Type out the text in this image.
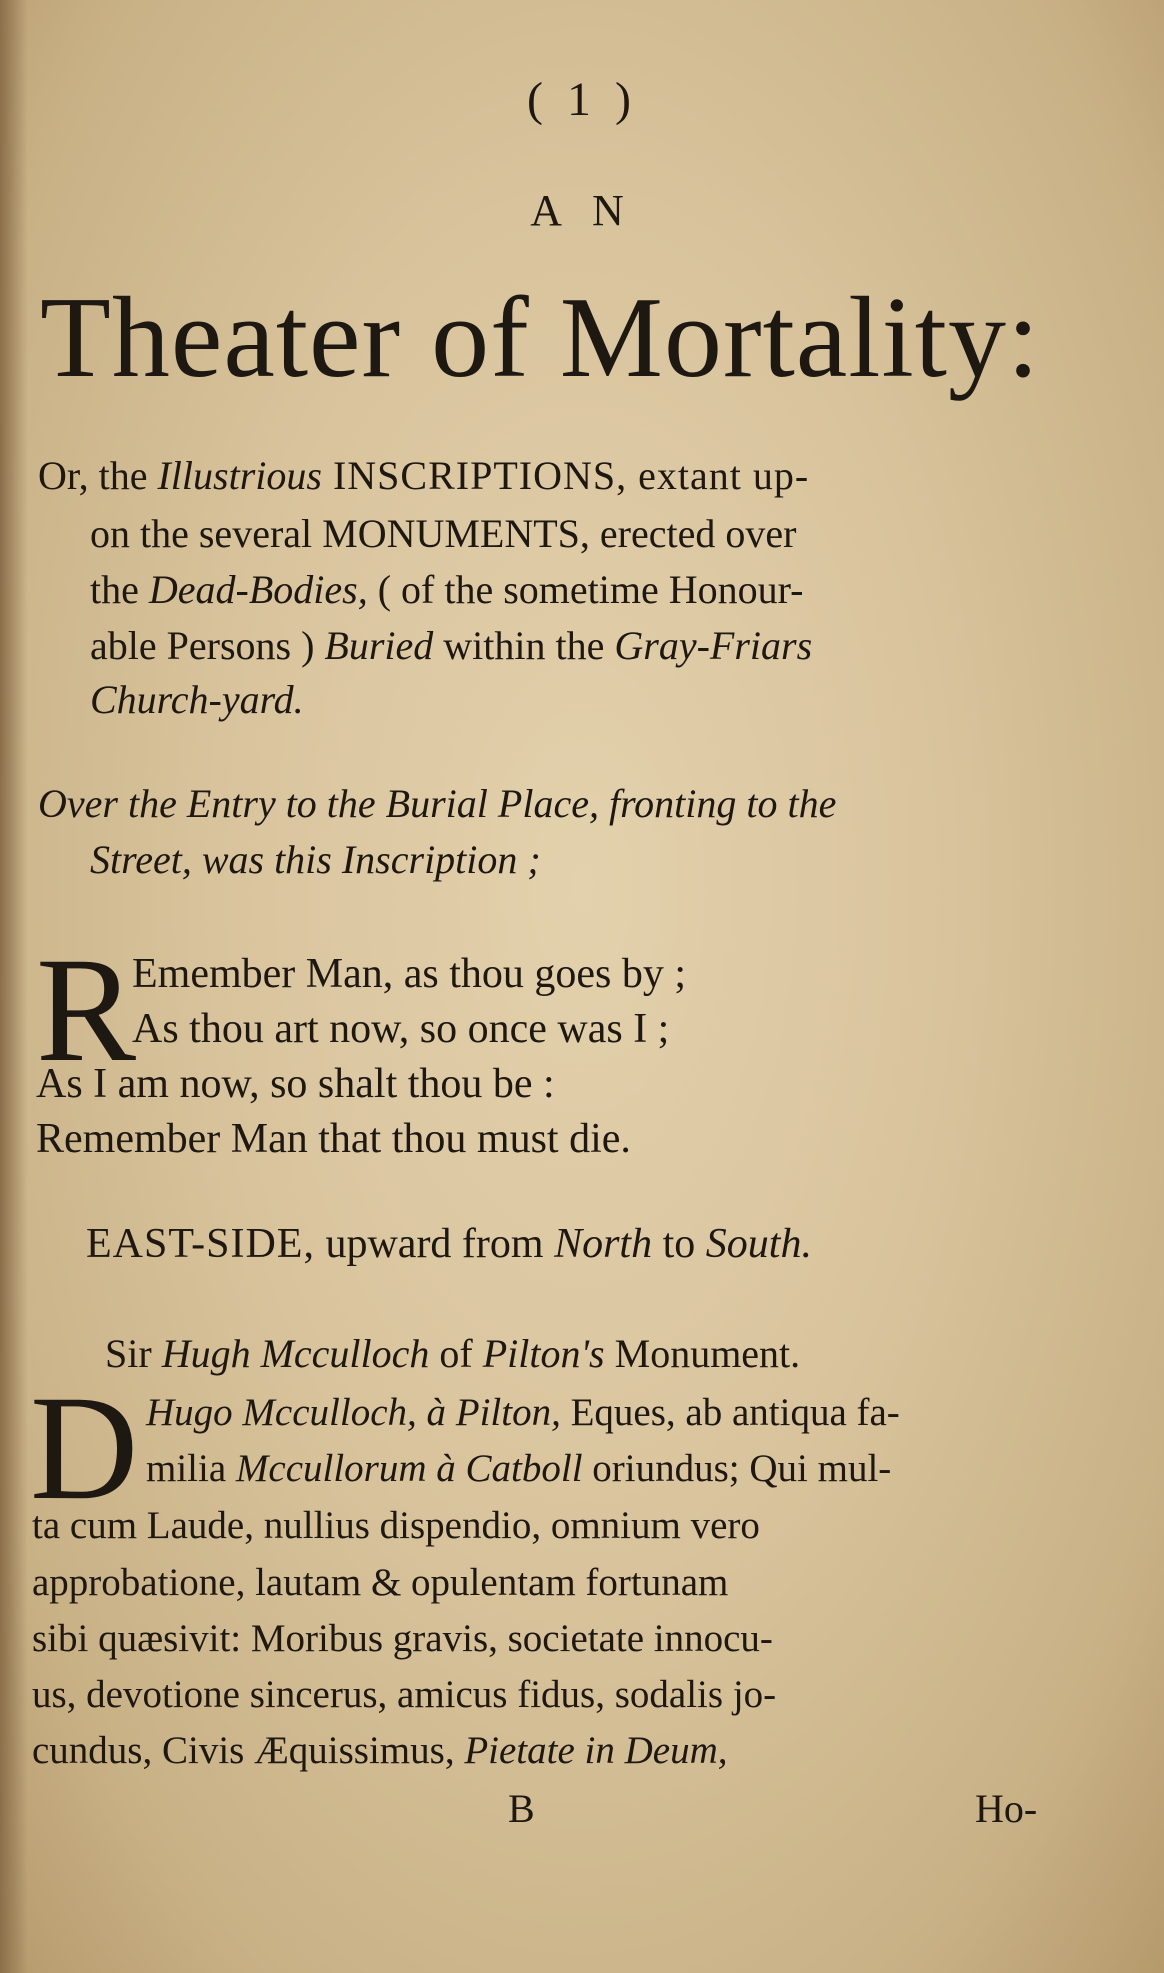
( 1 )
AN
Theater of Mortality:
Or, the Illustrious INSCRIPTIONS, extant up-
on the several MONUMENTS, erected over
the Dead-Bodies, ( of the sometime Honour-
able Persons ) Buried within the Gray-Friars
Church-yard.
Over the Entry to the Burial Place, fronting to the
Street, was this Inscription ;
R
Emember Man, as thou goes by ;
As thou art now, so once was I ;
As I am now, so shalt thou be :
Remember Man that thou must die.
EAST-SIDE, upward from North to South.
Sir Hugh Mcculloch of Pilton's Monument.
D Hugo Mcculloch, à Pilton, Eques, ab antiqua fa-
milia Mccullorum à Catboll oriundus; Qui mul-
ta cum Laude, nullius dispendio, omnium vero
approbatione, lautam & opulentam fortunam
sibi quæsivit: Moribus gravis, societate innocu-
us, devotione sincerus, amicus fidus, sodalis jo-
cundus, Civis Æquissimus, Pietate in Deum,
B	Ho-
